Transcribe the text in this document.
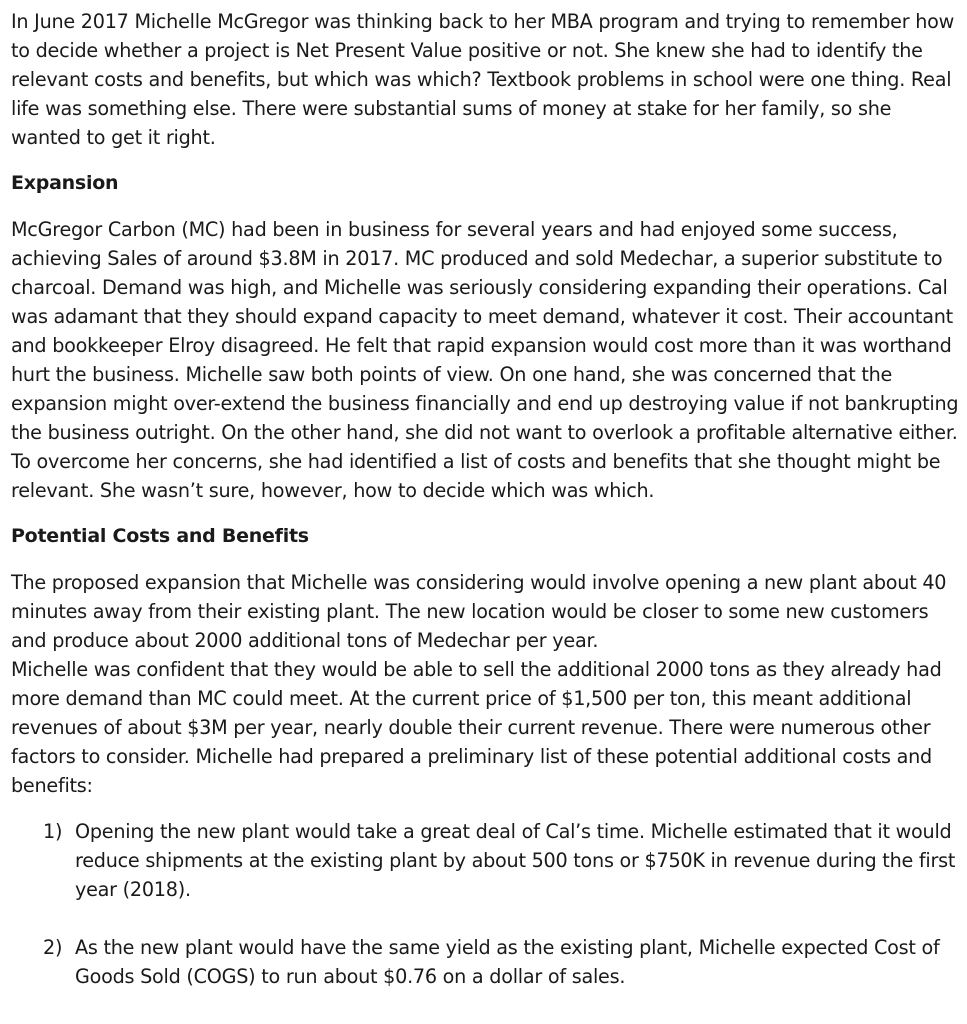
In June 2017 Michelle McGregor was thinking back to her MBA program and trying to remember how to decide whether a project is Net Present Value positive or not. She knew she had to identify the relevant costs and benefits, but which was which? Textbook problems in school were one thing. Real life was something else. There were substantial sums of money at stake for her family, so she wanted to get it right.

Expansion

McGregor Carbon (MC) had been in business for several years and had enjoyed some success, achieving Sales of around $3.8M in 2017. MC produced and sold Medechar, a superior substitute to charcoal. Demand was high, and Michelle was seriously considering expanding their operations. Cal was adamant that they should expand capacity to meet demand, whatever it cost. Their accountant and bookkeeper Elroy disagreed. He felt that rapid expansion would cost more than it was worthand hurt the business. Michelle saw both points of view. On one hand, she was concerned that the expansion might over-extend the business financially and end up destroying value if not bankrupting the business outright. On the other hand, she did not want to overlook a profitable alternative either. To overcome her concerns, she had identified a list of costs and benefits that she thought might be relevant. She wasn’t sure, however, how to decide which was which.

Potential Costs and Benefits

The proposed expansion that Michelle was considering would involve opening a new plant about 40 minutes away from their existing plant. The new location would be closer to some new customers and produce about 2000 additional tons of Medechar per year.

Michelle was confident that they would be able to sell the additional 2000 tons as they already had more demand than MC could meet. At the current price of $1,500 per ton, this meant additional revenues of about $3M per year, nearly double their current revenue. There were numerous other factors to consider. Michelle had prepared a preliminary list of these potential additional costs and benefits:

1) Opening the new plant would take a great deal of Cal’s time. Michelle estimated that it would reduce shipments at the existing plant by about 500 tons or $750K in revenue during the first year (2018).
2) As the new plant would have the same yield as the existing plant, Michelle expected Cost of Goods Sold (COGS) to run about $0.76 on a dollar of sales.
